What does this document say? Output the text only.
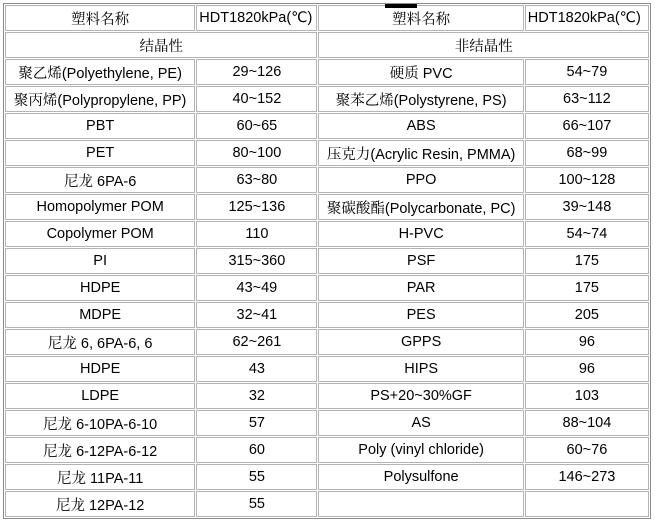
塑料名称	HDT1820kPa(℃)	塑料名称	HDT1820kPa(℃)
结晶性		非结晶性	
聚乙烯(Polyethylene, PE)	29~126	硬质 PVC	54~79
聚丙烯(Polypropylene, PP)	40~152	聚苯乙烯(Polystyrene, PS)	63~112
PBT	60~65	ABS	66~107
PET	80~100	压克力(Acrylic Resin, PMMA)	68~99
尼龙 6PA-6	63~80	PPO	100~128
Homopolymer POM	125~136	聚碳酸酯(Polycarbonate, PC)	39~148
Copolymer POM	110	H-PVC	54~74
PI	315~360	PSF	175
HDPE	43~49	PAR	175
MDPE	32~41	PES	205
尼龙 6, 6PA-6, 6	62~261	GPPS	96
HDPE	43	HIPS	96
LDPE	32	PS+20~30%GF	103
尼龙 6-10PA-6-10	57	AS	88~104
尼龙 6-12PA-6-12	60	Poly (vinyl chloride)	60~76
尼龙 11PA-11	55	Polysulfone	146~273
尼龙 12PA-12	55		
